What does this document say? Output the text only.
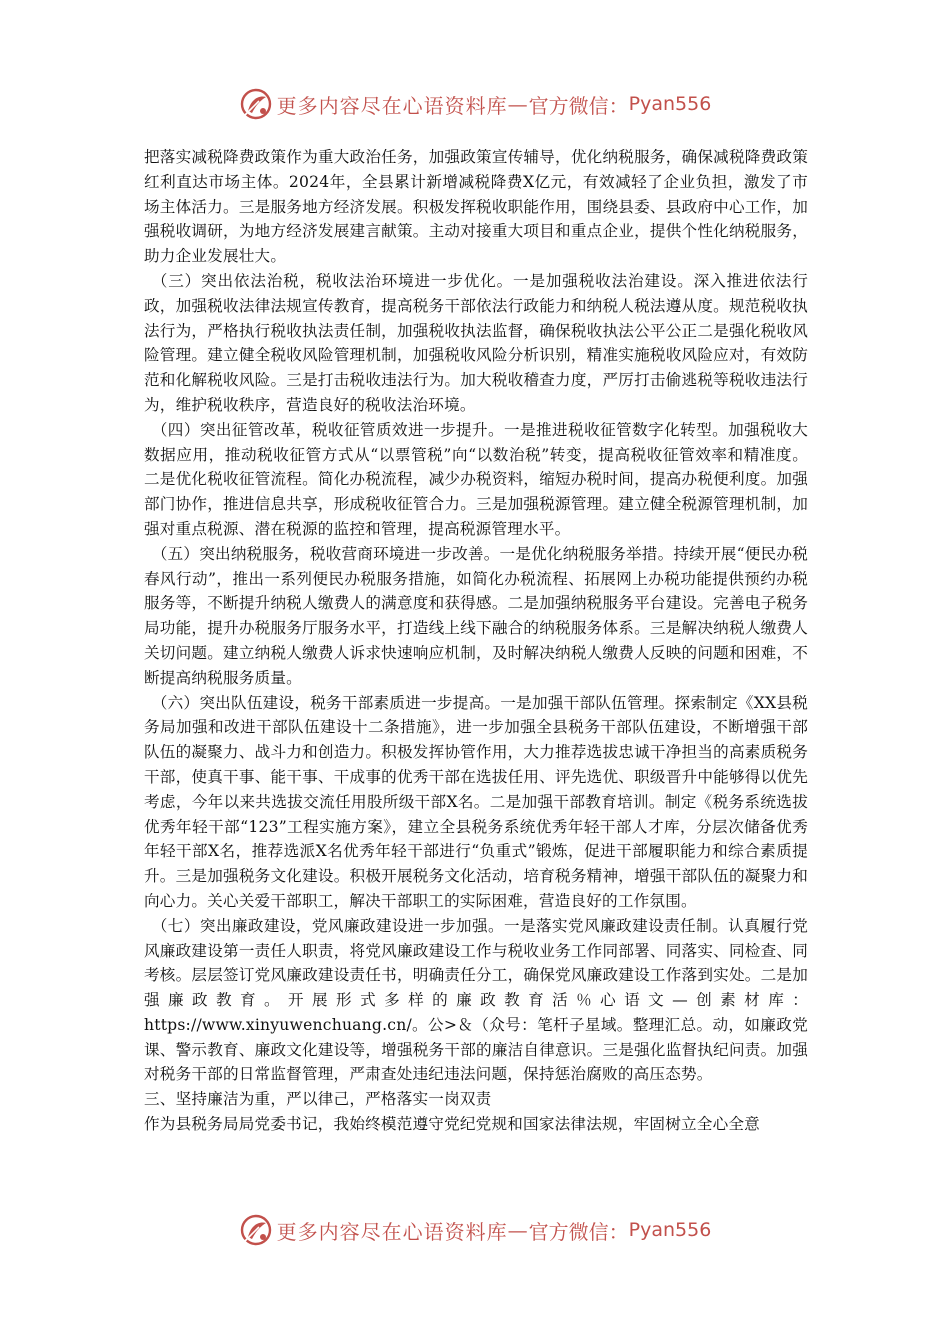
更多内容尽在心语资料库 — 官方微信： Pyan556

把落实减税降费政策作为重大政治任务，加强政策宣传辅导，优化纳税服务，确保减税降费政策红利直达市场主体。2024年，全县累计新增减税降费X亿元，有效减轻了企业负担，激发了市场主体活力。三是服务地方经济发展。积极发挥税收职能作用，围绕县委、县政府中心工作，加强税收调研，为地方经济发展建言献策。主动对接重大项目和重点企业，提供个性化纳税服务，助力企业发展壮大。

（三）突出依法治税，税收法治环境进一步优化。一是加强税收法治建设。深入推进依法行政，加强税收法律法规宣传教育，提高税务干部依法行政能力和纳税人税法遵从度。规范税收执法行为，严格执行税收执法责任制，加强税收执法监督，确保税收执法公平公正二是强化税收风险管理。建立健全税收风险管理机制，加强税收风险分析识别，精准实施税收风险应对，有效防范和化解税收风险。三是打击税收违法行为。加大税收稽查力度，严厉打击偷逃税等税收违法行为，维护税收秩序，营造良好的税收法治环境。

（四）突出征管改革，税收征管质效进一步提升。一是推进税收征管数字化转型。加强税收大数据应用，推动税收征管方式从“以票管税”向“以数治税”转变，提高税收征管效率和精准度。二是优化税收征管流程。简化办税流程，减少办税资料，缩短办税时间，提高办税便利度。加强部门协作，推进信息共享，形成税收征管合力。三是加强税源管理。建立健全税源管理机制，加强对重点税源、潜在税源的监控和管理，提高税源管理水平。

（五）突出纳税服务，税收营商环境进一步改善。一是优化纳税服务举措。持续开展“便民办税春风行动”，推出一系列便民办税服务措施，如简化办税流程、拓展网上办税功能提供预约办税服务等，不断提升纳税人缴费人的满意度和获得感。二是加强纳税服务平台建设。完善电子税务局功能，提升办税服务厅服务水平，打造线上线下融合的纳税服务体系。三是解决纳税人缴费人关切问题。建立纳税人缴费人诉求快速响应机制，及时解决纳税人缴费人反映的问题和困难，不断提高纳税服务质量。

（六）突出队伍建设，税务干部素质进一步提高。一是加强干部队伍管理。探索制定《XX县税务局加强和改进干部队伍建设十二条措施》，进一步加强全县税务干部队伍建设，不断增强干部队伍的凝聚力、战斗力和创造力。积极发挥协管作用，大力推荐选拔忠诚干净担当的高素质税务干部，使真干事、能干事、干成事的优秀干部在选拔任用、评先选优、职级晋升中能够得以优先考虑，今年以来共选拔交流任用股所级干部X名。二是加强干部教育培训。制定《税务系统选拔优秀年轻干部“123”工程实施方案》，建立全县税务系统优秀年轻干部人才库，分层次储备优秀年轻干部X名，推荐选派X名优秀年轻干部进行“负重式”锻炼，促进干部履职能力和综合素质提升。三是加强税务文化建设。积极开展税务文化活动，培育税务精神，增强干部队伍的凝聚力和向心力。关心关爱干部职工，解决干部职工的实际困难，营造良好的工作氛围。

（七）突出廉政建设，党风廉政建设进一步加强。一是落实党风廉政建设责任制。认真履行党风廉政建设第一责任人职责，将党风廉政建设工作与税收业务工作同部署、同落实、同检查、同考核。层层签订党风廉政建设责任书，明确责任分工，确保党风廉政建设工作落到实处。二是加强廉政教育。开展形式多样的廉政教育活％心语文—创素材库：https://www.xinyuwenchuang.cn/。公>＆（众号：笔杆子星域。整理汇总。动，如廉政党课、警示教育、廉政文化建设等，增强税务干部的廉洁自律意识。三是强化监督执纪问责。加强对税务干部的日常监督管理，严肃查处违纪违法问题，保持惩治腐败的高压态势。

三、坚持廉洁为重，严以律己，严格落实一岗双责

作为县税务局局党委书记，我始终模范遵守党纪党规和国家法律法规，牢固树立全心全意

更多内容尽在心语资料库 — 官方微信： Pyan556
